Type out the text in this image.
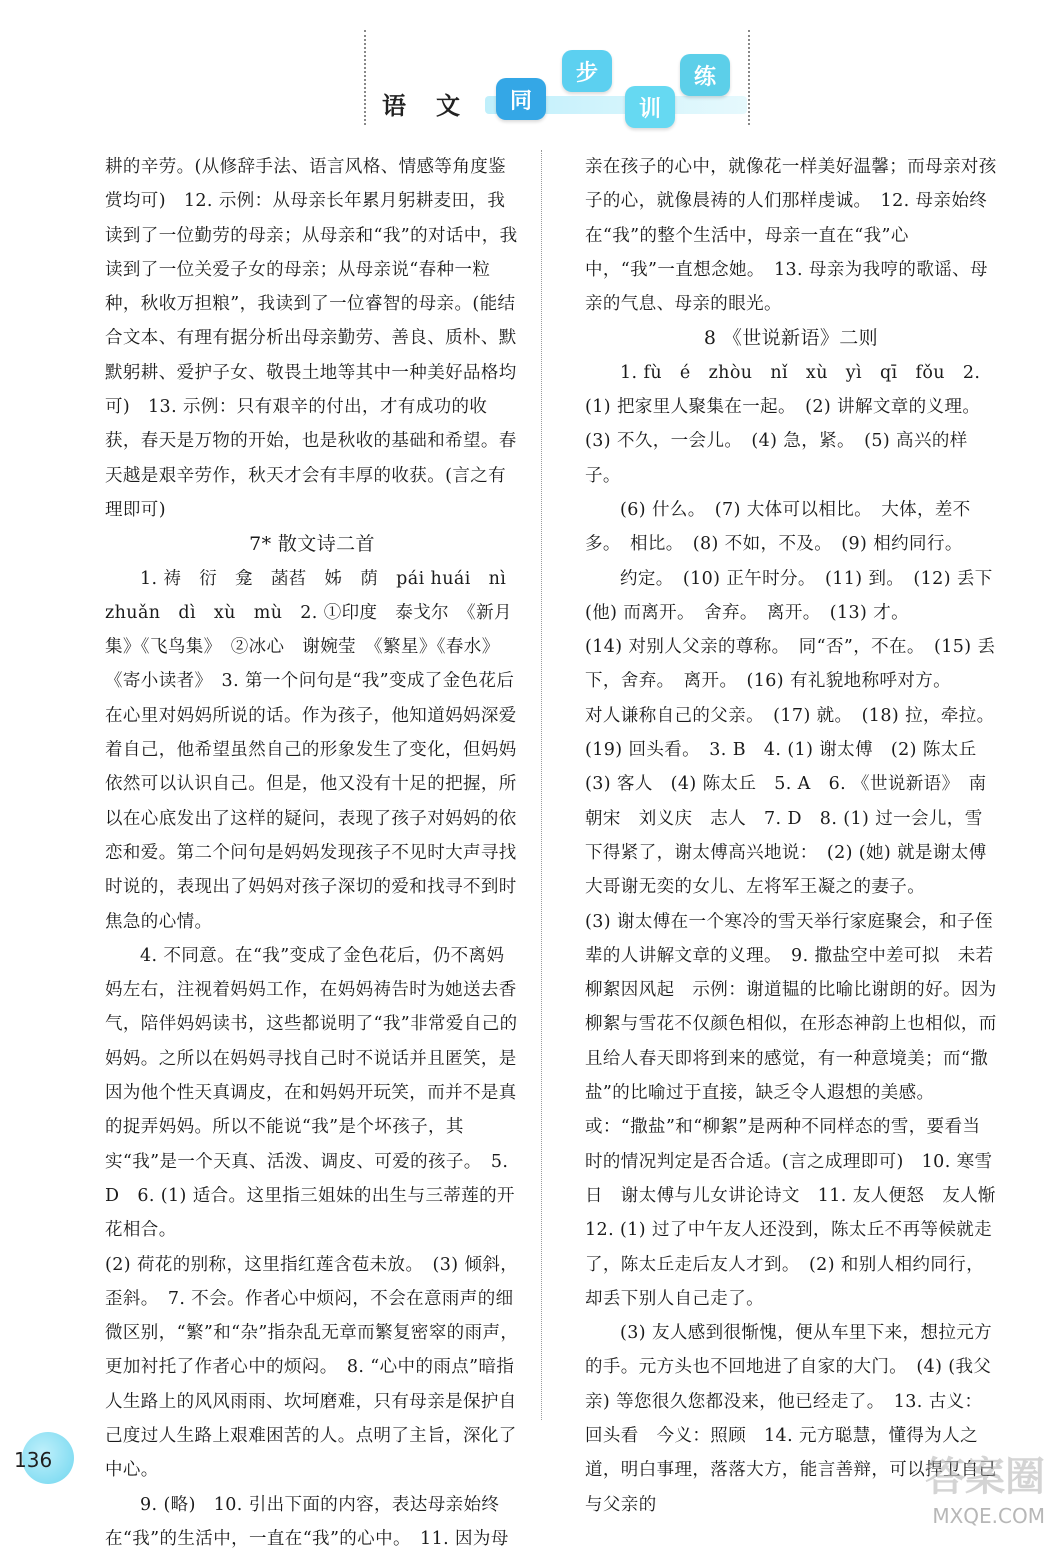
语 文	同
步
训
练

耕的辛劳。(从修辞手法、语言风格、情感等角度鉴赏均可)　12. 示例：从母亲长年累月躬耕麦田，我读到了一位勤劳的母亲；从母亲和“我”的对话中，我读到了一位关爱子女的母亲；从母亲说“春种一粒种，秋收万担粮”，我读到了一位睿智的母亲。(能结合文本、有理有据分析出母亲勤劳、善良、质朴、默默躬耕、爱护子女、敬畏土地等其中一种美好品格均可)　13. 示例：只有艰辛的付出，才有成功的收获，春天是万物的开始，也是秋收的基础和希望。春天越是艰辛劳作，秋天才会有丰厚的收获。(言之有理即可)

7* 散文诗二首

1. 祷　衍　龛　菡萏　姊　荫　pái huái　nì zhuǎn　dì　xù　mù　2. ①印度　泰戈尔　《新月集》《飞鸟集》　②冰心　谢婉莹　《繁星》《春水》《寄小读者》　3. 第一个问句是“我”变成了金色花后在心里对妈妈所说的话。作为孩子，他知道妈妈深爱着自己，他希望虽然自己的形象发生了变化，但妈妈依然可以认识自己。但是，他又没有十足的把握，所以在心底发出了这样的疑问，表现了孩子对妈妈的依恋和爱。第二个问句是妈妈发现孩子不见时大声寻找时说的，表现出了妈妈对孩子深切的爱和找寻不到时焦急的心情。

4. 不同意。在“我”变成了金色花后，仍不离妈妈左右，注视着妈妈工作，在妈妈祷告时为她送去香气，陪伴妈妈读书，这些都说明了“我”非常爱自己的妈妈。之所以在妈妈寻找自己时不说话并且匿笑，是因为他个性天真调皮，在和妈妈开玩笑，而并不是真的捉弄妈妈。所以不能说“我”是个坏孩子，其实“我”是一个天真、活泼、调皮、可爱的孩子。　5. D　6. (1) 适合。这里指三姐妹的出生与三蒂莲的开花相合。

(2) 荷花的别称，这里指红莲含苞未放。　(3) 倾斜，歪斜。　7. 不会。作者心中烦闷，不会在意雨声的细微区别，“繁”和“杂”指杂乱无章而繁复密窣的雨声，更加衬托了作者心中的烦闷。　8. “心中的雨点”暗指人生路上的风风雨雨、坎坷磨难，只有母亲是保护自己度过人生路上艰难困苦的人。点明了主旨，深化了中心。

9. (略)　10. 引出下面的内容，表达母亲始终在“我”的生活中，一直在“我”的心中。　11. 因为母

亲在孩子的心中，就像花一样美好温馨；而母亲对孩子的心，就像晨祷的人们那样虔诚。　12. 母亲始终在“我”的整个生活中，母亲一直在“我”心中，“我”一直想念她。　13. 母亲为我哼的歌谣、母亲的气息、母亲的眼光。

8 《世说新语》二则

1. fù　é　zhòu　nǐ　xù　yì　qī　fǒu　2. (1) 把家里人聚集在一起。　(2) 讲解文章的义理。　(3) 不久，一会儿。　(4) 急，紧。　(5) 高兴的样子。

(6) 什么。　(7) 大体可以相比。　大体，差不多。　相比。　(8) 不如，不及。　(9) 相约同行。

约定。　(10) 正午时分。　(11) 到。　(12) 丢下(他) 而离开。　舍弃。　离开。　(13) 才。

(14) 对别人父亲的尊称。　同“否”，不在。　(15) 丢下，舍弃。　离开。　(16) 有礼貌地称呼对方。

对人谦称自己的父亲。　(17) 就。　(18) 拉，牵拉。　(19) 回头看。　3. B　4. (1) 谢太傅　(2) 陈太丘　(3) 客人　(4) 陈太丘　5. A　6. 《世说新语》　南朝宋　刘义庆　志人　7. D　8. (1) 过一会儿，雪下得紧了，谢太傅高兴地说：　(2) (她) 就是谢太傅大哥谢无奕的女儿、左将军王凝之的妻子。

(3) 谢太傅在一个寒冷的雪天举行家庭聚会，和子侄辈的人讲解文章的义理。　9. 撒盐空中差可拟　未若柳絮因风起　示例：谢道韫的比喻比谢朗的好。因为柳絮与雪花不仅颜色相似，在形态神韵上也相似，而且给人春天即将到来的感觉，有一种意境美；而“撒盐”的比喻过于直接，缺乏令人遐想的美感。或：“撒盐”和“柳絮”是两种不同样态的雪，要看当时的情况判定是否合适。(言之成理即可)　10. 寒雪日　谢太傅与儿女讲论诗文　11. 友人便怒　友人惭　12. (1) 过了中午友人还没到，陈太丘不再等候就走了，陈太丘走后友人才到。　(2) 和别人相约同行，却丢下别人自己走了。

(3) 友人感到很惭愧，便从车里下来，想拉元方的手。元方头也不回地进了自家的大门。　(4) (我父亲) 等您很久您都没来，他已经走了。　13. 古义：回头看　今义：照顾　14. 元方聪慧，懂得为人之道，明白事理，落落大方，能言善辩，可以捍卫自己与父亲的

136	答案圈
MXQE.COM
